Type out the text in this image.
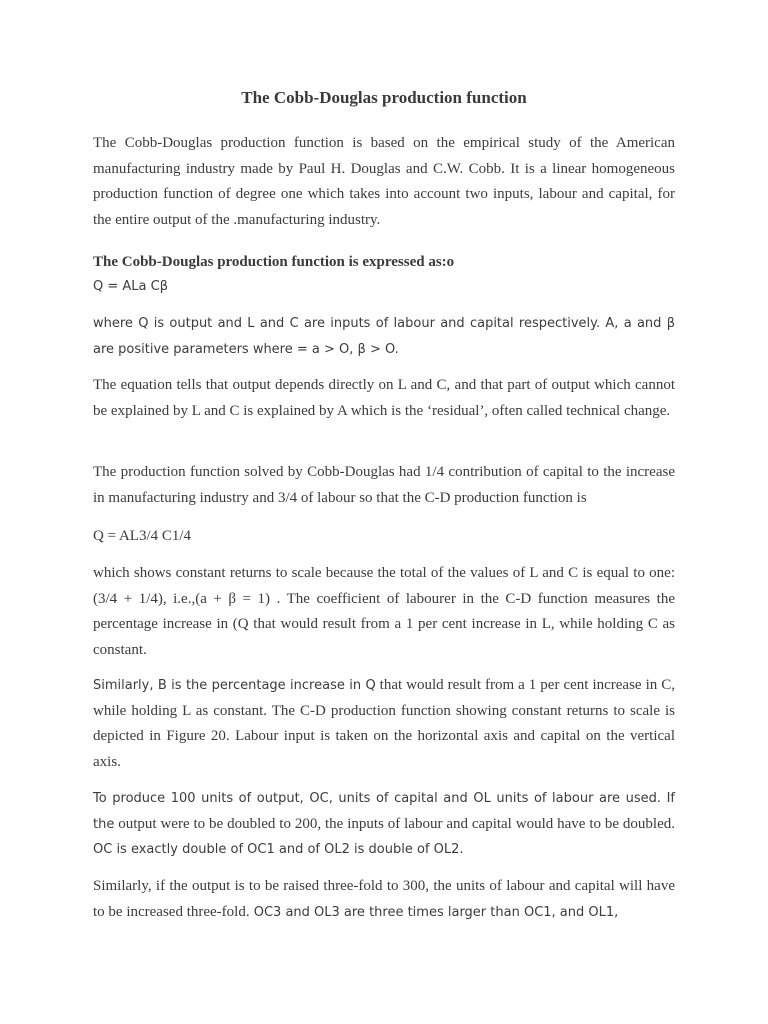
The Cobb-Douglas production function
The Cobb-Douglas production function is based on the empirical study of the American manufacturing industry made by Paul H. Douglas and C.W. Cobb. It is a linear homogeneous production function of degree one which takes into account two inputs, labour and capital, for the entire output of the .manufacturing industry.
The Cobb-Douglas production function is expressed as:o
Q = ALa Cβ
where Q is output and L and C are inputs of labour and capital respectively. A, a and β are positive parameters where = a > O, β > O.
The equation tells that output depends directly on L and C, and that part of output which cannot be explained by L and C is explained by A which is the ‘residual’, often called technical change.
The production function solved by Cobb-Douglas had 1/4 contribution of capital to the increase in manufacturing industry and 3/4 of labour so that the C-D production function is
Q = AL3/4 C1/4
which shows constant returns to scale because the total of the values of L and C is equal to one: (3/4 + 1/4), i.e.,(a + β = 1) . The coefficient of labourer in the C-D function measures the percentage increase in (Q that would result from a 1 per cent increase in L, while holding C as constant.
Similarly, B is the percentage increase in Q that would result from a 1 per cent increase in C, while holding L as constant. The C-D production function showing constant returns to scale is depicted in Figure 20. Labour input is taken on the horizontal axis and capital on the vertical axis.
To produce 100 units of output, OC, units of capital and OL units of labour are used. If the output were to be doubled to 200, the inputs of labour and capital would have to be doubled. OC is exactly double of OC1 and of OL2 is double of OL2.
Similarly, if the output is to be raised three-fold to 300, the units of labour and capital will have to be increased three-fold. OC3 and OL3 are three times larger than OC1, and OL1,
